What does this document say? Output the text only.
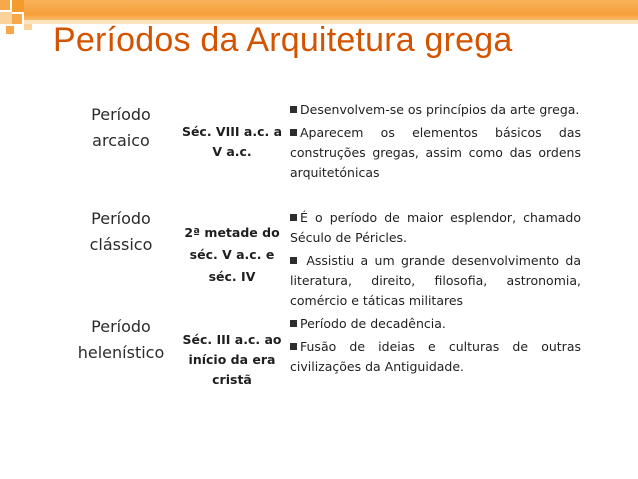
Períodos da Arquitetura grega
Período arcaico	Séc. VIII a.c. a V a.c.

Desenvolvem-se os princípios da arte grega.

Aparecem os elementos básicos das construções gregas, assim como das ordens arquitetónicas

Período clássico
2ª metade do séc. V a.c. e séc. IV

É o período de maior esplendor, chamado Século de Péricles.

Assistiu a um grande desenvolvimento da literatura, direito, filosofia, astronomia, comércio e táticas militares

Período helenístico
Séc. III a.c. ao início da era cristã

Período de decadência.

Fusão de ideias e culturas de outras civilizações da Antiguidade.
